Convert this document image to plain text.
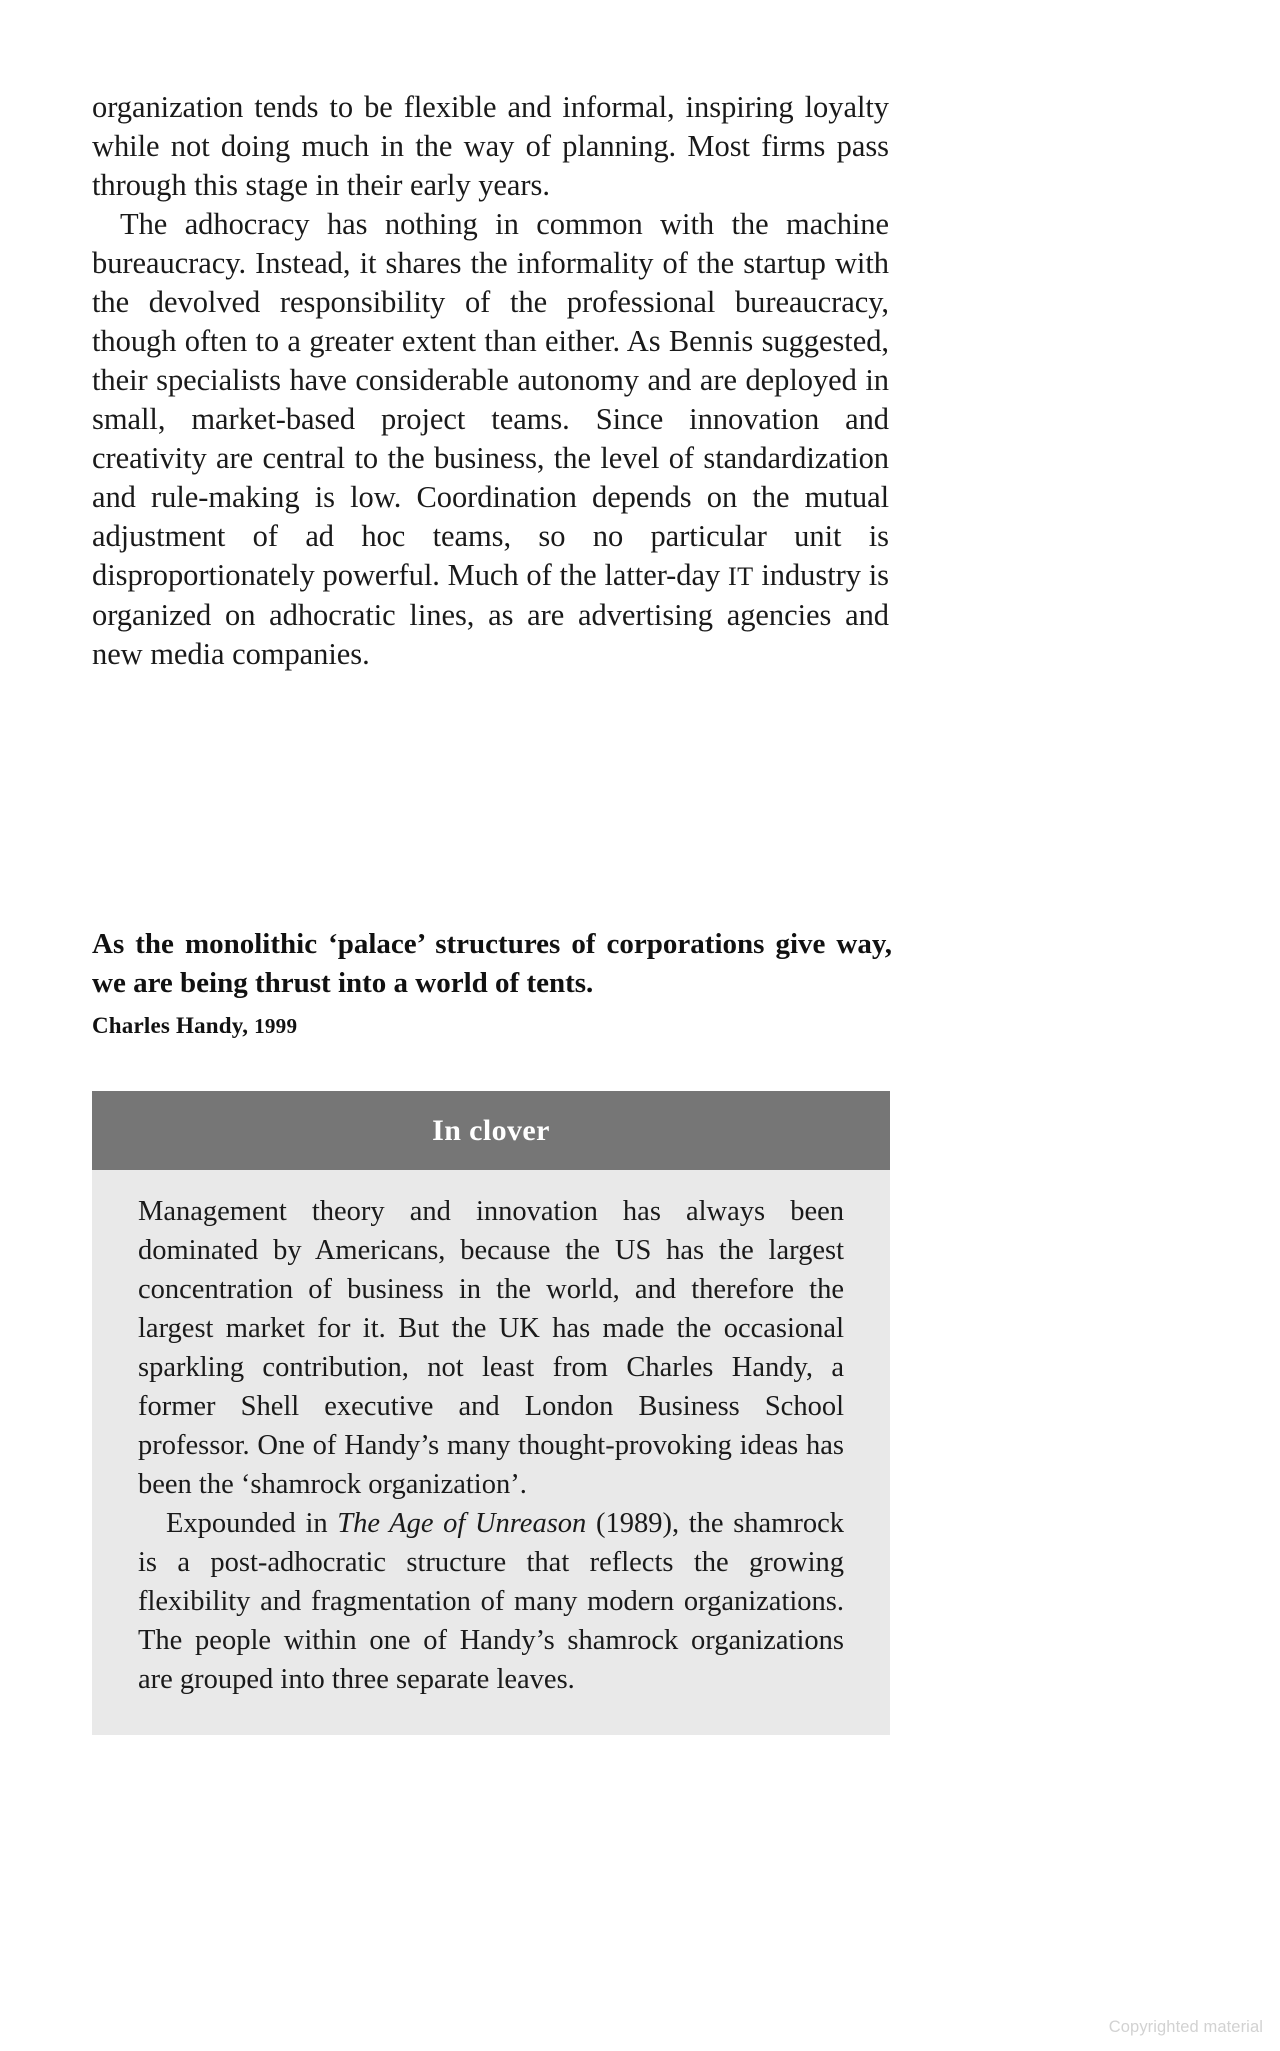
organization tends to be flexible and informal, inspiring loyalty while not doing much in the way of planning. Most firms pass through this stage in their early years.

The adhocracy has nothing in common with the machine bureaucracy. Instead, it shares the informality of the startup with the devolved responsibility of the professional bureaucracy, though often to a greater extent than either. As Bennis suggested, their specialists have considerable autonomy and are deployed in small, market-based project teams. Since innovation and creativity are central to the business, the level of standardization and rule-making is low. Coordination depends on the mutual adjustment of ad hoc teams, so no particular unit is disproportionately powerful. Much of the latter-day IT industry is organized on adhocratic lines, as are advertising agencies and new media companies.

As the monolithic ‘palace’ structures of corporations give way, we are being thrust into a world of tents.

Charles Handy, 1999

In clover

Management theory and innovation has always been dominated by Americans, because the US has the largest concentration of business in the world, and therefore the largest market for it. But the UK has made the occasional sparkling contribution, not least from Charles Handy, a former Shell executive and London Business School professor. One of Handy’s many thought-provoking ideas has been the ‘shamrock organization’.

Expounded in The Age of Unreason (1989), the shamrock is a post-adhocratic structure that reflects the growing flexibility and fragmentation of many modern organizations. The people within one of Handy’s shamrock organizations are grouped into three separate leaves.

Copyrighted material
